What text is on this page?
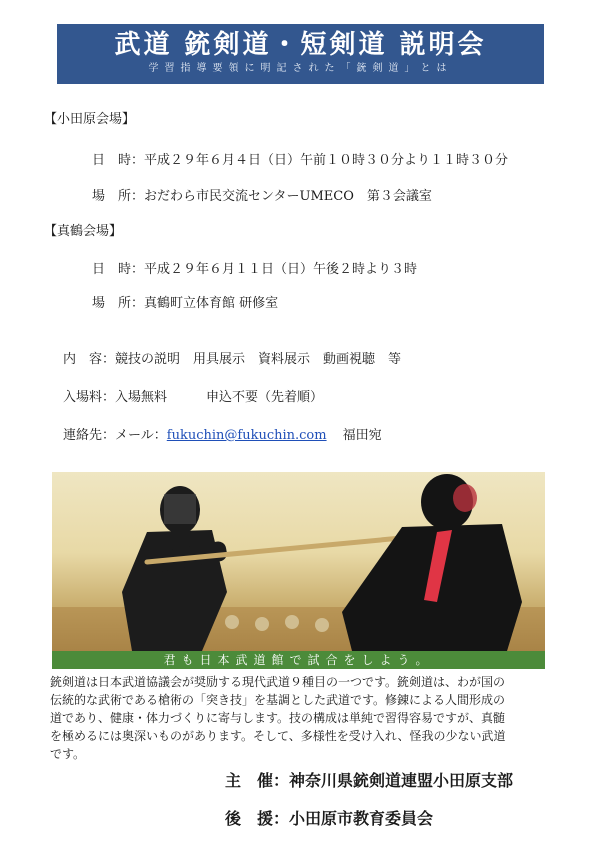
武道 銃剣道・短剣道 説明会
学習指導要領に明記された「銃剣道」とは
【小田原会場】
日　時：平成２９年６月４日（日）午前１０時３０分より１１時３０分
場　所：おだわら市民交流センターUMECO　第３会議室
【真鶴会場】
日　時：平成２９年６月１１日（日）午後２時より３時
場　所：真鶴町立体育館 研修室
内　容：競技の説明　用具展示　資料展示　動画視聴　等
入場料：入場無料　　　申込不要（先着順）
連絡先：メール：fukuchin@fukuchin.com 福田宛
君も日本武道館で試合をしよう。
銃剣道は日本武道協議会が奨励する現代武道９種目の一つです。銃剣道は、わが国の
伝統的な武術である槍術の「突き技」を基調とした武道です。修錬による人間形成の
道であり、健康・体力づくりに寄与します。技の構成は単純で習得容易ですが、真髄
を極めるには奥深いものがあります。そして、多様性を受け入れ、怪我の少ない武道
です。
主　催：神奈川県銃剣道連盟小田原支部
後　援：小田原市教育委員会
